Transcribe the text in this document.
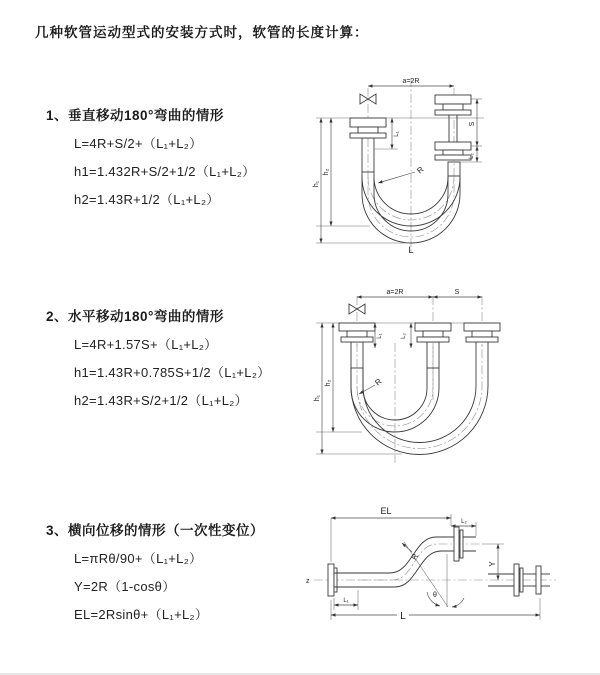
几种软管运动型式的安装方式时，软管的长度计算：
1、垂直移动180°弯曲的情形
L=4R+S/2+（L₁+L₂）
h1=1.432R+S/2+1/2（L₁+L₂）
h2=1.43R+1/2（L₁+L₂）
2、水平移动180°弯曲的情形
L=4R+1.57S+（L₁+L₂）
h1=1.43R+0.785S+1/2（L₁+L₂）
h2=1.43R+S/2+1/2（L₁+L₂）
3、横向位移的情形（一次性变位）
L=πRθ/90+（L₁+L₂）
Y=2R（1-cosθ）
EL=2Rsinθ+（L₁+L₂）
a=2R
S
L₂
L₁
h₂
h₁
R
L
a=2R	S
L₁	L₂
h₂
h₁
R
z
EL
L₂
Y
R
θ
L₁
L
